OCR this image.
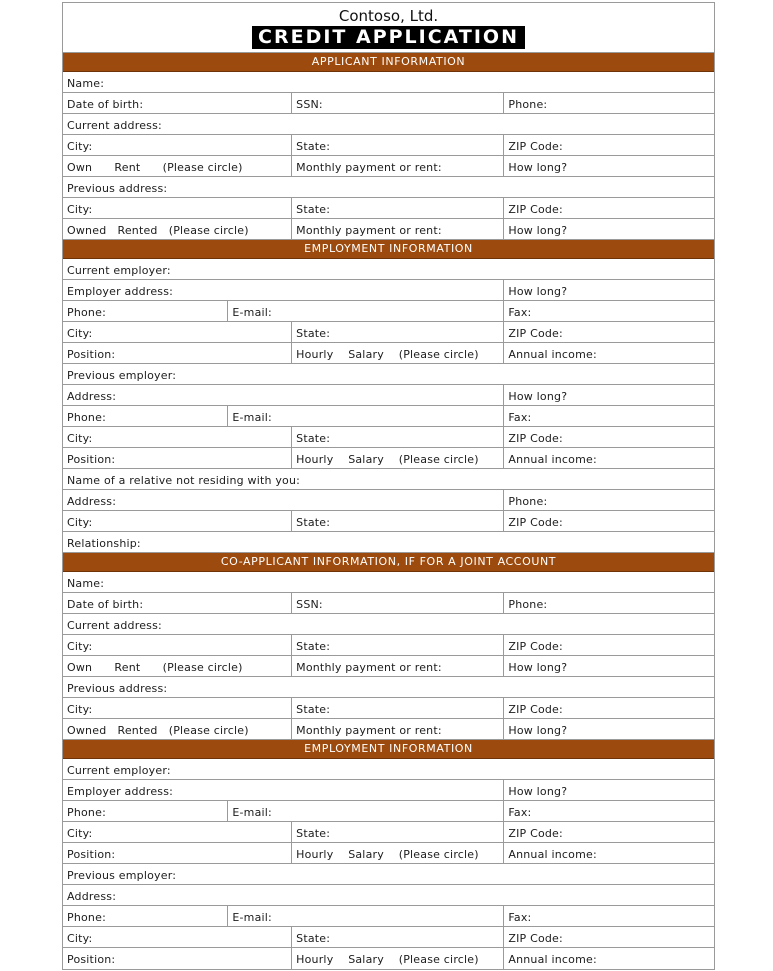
Contoso, Ltd.
CREDIT APPLICATION
APPLICANT INFORMATION
Name:
Date of birth:	SSN:	Phone:
Current address:
City:	State:	ZIP Code:
Own      Rent      (Please circle)	Monthly payment or rent:	How long?
Previous address:
City:	State:	ZIP Code:
Owned   Rented   (Please circle)	Monthly payment or rent:	How long?
EMPLOYMENT INFORMATION
Current employer:
Employer address:	How long?
Phone:	E-mail:	Fax:
City:	State:	ZIP Code:
Position:	Hourly    Salary    (Please circle)	Annual income:
Previous employer:
Address:	How long?
Phone:	E-mail:	Fax:
City:	State:	ZIP Code:
Position:	Hourly    Salary    (Please circle)	Annual income:
Name of a relative not residing with you:
Address:	Phone:
City:	State:	ZIP Code:
Relationship:
CO-APPLICANT INFORMATION, IF FOR A JOINT ACCOUNT
Name:
Date of birth:	SSN:	Phone:
Current address:
City:	State:	ZIP Code:
Own      Rent      (Please circle)	Monthly payment or rent:	How long?
Previous address:
City:	State:	ZIP Code:
Owned   Rented   (Please circle)	Monthly payment or rent:	How long?
EMPLOYMENT INFORMATION
Current employer:
Employer address:	How long?
Phone:	E-mail:	Fax:
City:	State:	ZIP Code:
Position:	Hourly    Salary    (Please circle)	Annual income:
Previous employer:
Address:
Phone:	E-mail:	Fax:
City:	State:	ZIP Code:
Position:	Hourly    Salary    (Please circle)	Annual income:
